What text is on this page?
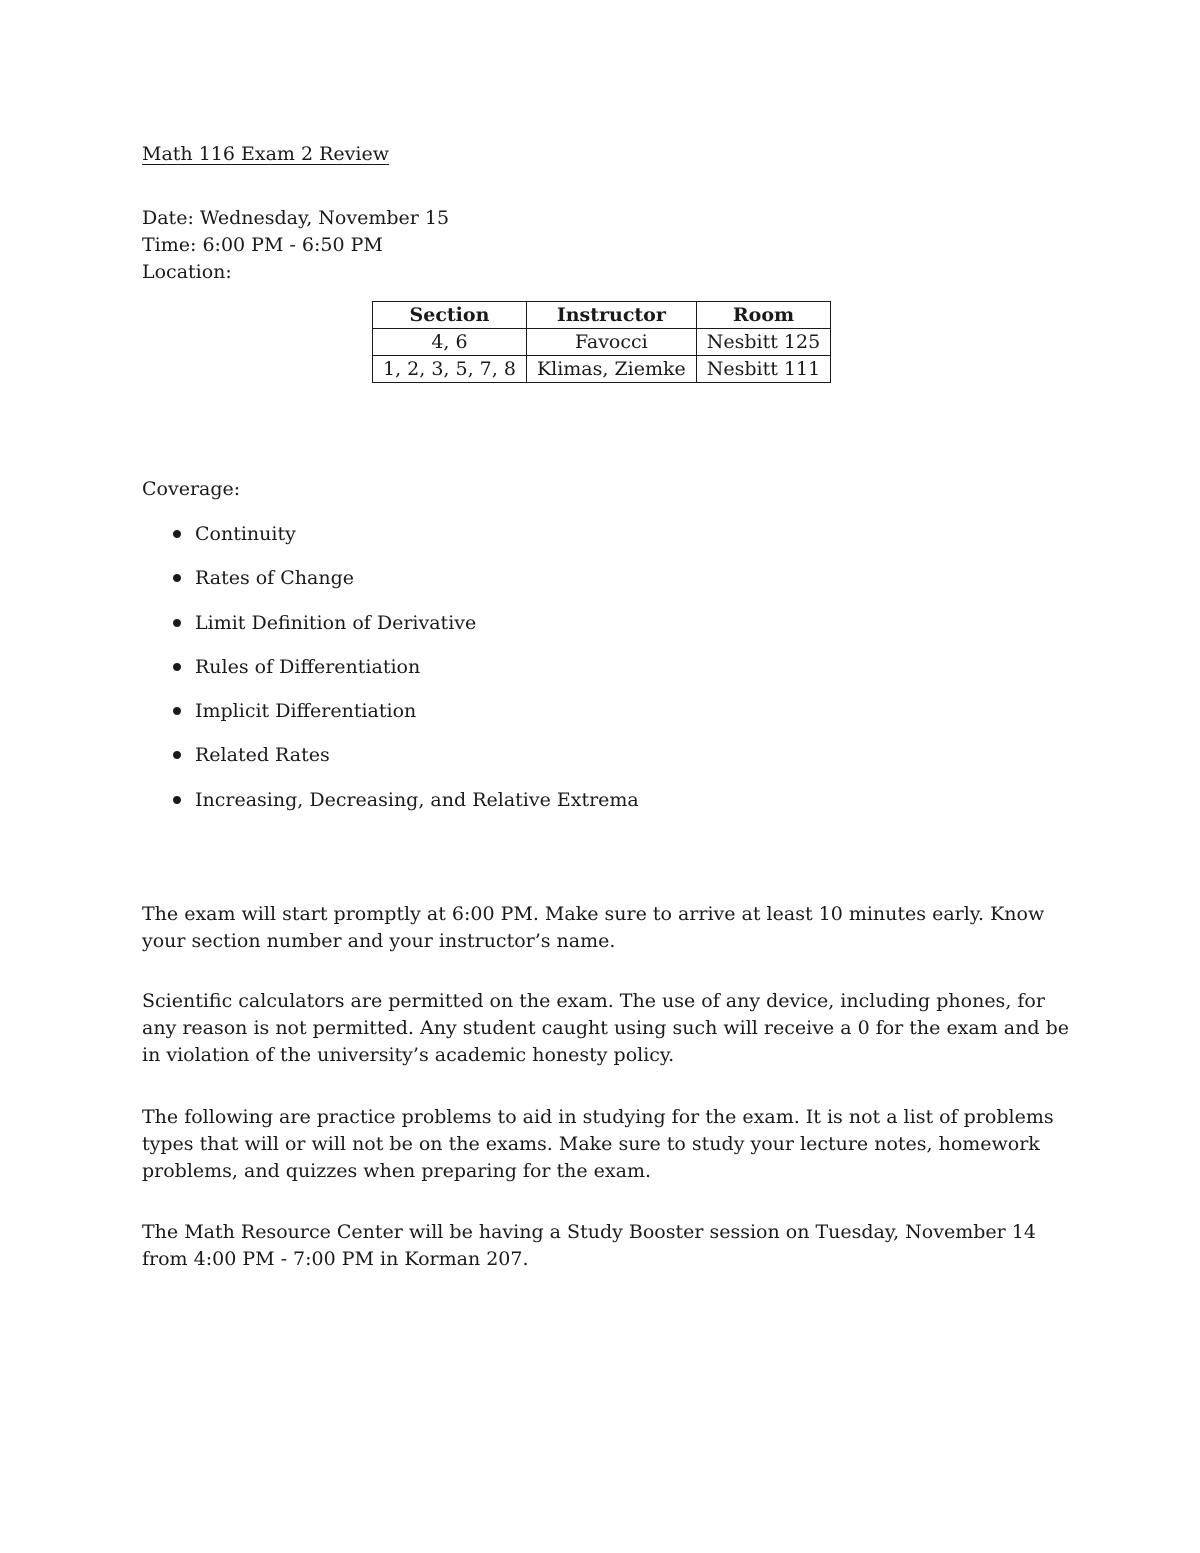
Math 116 Exam 2 Review
Date: Wednesday, November 15
Time: 6:00 PM - 6:50 PM
Location:
Section	Instructor	Room
4, 6	Favocci	Nesbitt 125
1, 2, 3, 5, 7, 8	Klimas, Ziemke	Nesbitt 111
Coverage:
Continuity
Rates of Change
Limit Definition of Derivative
Rules of Differentiation
Implicit Differentiation
Related Rates
Increasing, Decreasing, and Relative Extrema

The exam will start promptly at 6:00 PM. Make sure to arrive at least 10 minutes early. Know your section number and your instructor’s name.

Scientific calculators are permitted on the exam. The use of any device, including phones, for any reason is not permitted. Any student caught using such will receive a 0 for the exam and be in violation of the university’s academic honesty policy.

The following are practice problems to aid in studying for the exam. It is not a list of problems types that will or will not be on the exams. Make sure to study your lecture notes, homework problems, and quizzes when preparing for the exam.

The Math Resource Center will be having a Study Booster session on Tuesday, November 14 from 4:00 PM - 7:00 PM in Korman 207.
